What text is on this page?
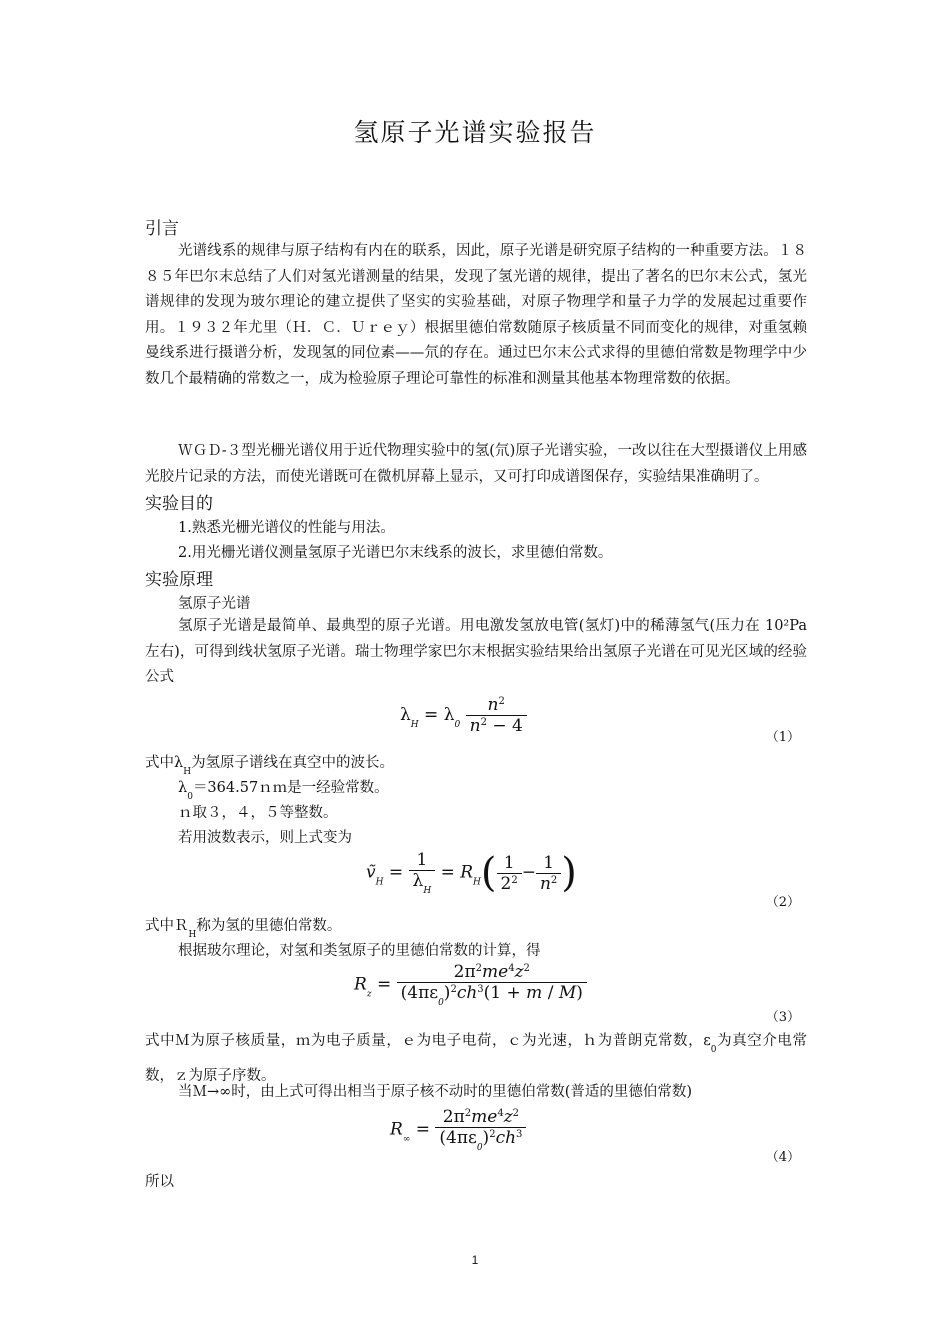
氢原子光谱实验报告
引言
光谱线系的规律与原子结构有内在的联系，因此，原子光谱是研究原子结构的一种重要方法。１８８５年巴尔末总结了人们对氢光谱测量的结果，发现了氢光谱的规律，提出了著名的巴尔末公式，氢光谱规律的发现为玻尔理论的建立提供了坚实的实验基础，对原子物理学和量子力学的发展起过重要作用。１９３２年尤里（Ｈ．Ｃ．Ｕｒｅｙ）根据里德伯常数随原子核质量不同而变化的规律，对重氢赖曼线系进行摄谱分析，发现氢的同位素——氘的存在。通过巴尔末公式求得的里德伯常数是物理学中少数几个最精确的常数之一，成为检验原子理论可靠性的标准和测量其他基本物理常数的依据。
ＷＧＤ-３型光栅光谱仪用于近代物理实验中的氢(氘)原子光谱实验，一改以往在大型摄谱仪上用感光胶片记录的方法，而使光谱既可在微机屏幕上显示，又可打印成谱图保存，实验结果准确明了。
实验目的
1.熟悉光栅光谱仪的性能与用法。
2.用光栅光谱仪测量氢原子光谱巴尔末线系的波长，求里德伯常数。
实验原理
氢原子光谱
氢原子光谱是最简单、最典型的原子光谱。用电激发氢放电管(氢灯)中的稀薄氢气(压力在 10²Pa 左右)，可得到线状氢原子光谱。瑞士物理学家巴尔末根据实验结果给出氢原子光谱在可见光区域的经验公式
$\lambda_H = \lambda_0 \frac{n^2}{n^2 - 4}$
（1）
式中$\lambda_H$为氢原子谱线在真空中的波长。
$\lambda_0=364.57nm$是一经验常数。
ｎ取３，４，５等整数。
若用波数表示，则上式变为
ṽ$_H$ = $\frac{1}{\lambda_H} = R_H( \frac{1}{2^2} - \frac{1}{n^2}$ )
（2）
式中Ｒ$_H$称为氢的里德伯常数。
根据玻尔理论，对氢和类氢原子的里德伯常数的计算，得
$R_z = \frac{2\pi^2me^4z^2}{(4\pi\varepsilon_0)^2ch^3(1 + m / M)}$
（3）
式中Ｍ为原子核质量，ｍ为电子质量，ｅ为电子电荷，ｃ为光速，ｈ为普朗克常数，$\varepsilon_0$为真空介电常数，ｚ为原子序数。
当Ｍ→∞时，由上式可得出相当于原子核不动时的里德伯常数(普适的里德伯常数)
$R_\infty = \frac{2\pi^2me^4z^2}{(4\pi\varepsilon_0)^2ch^3}$
（4）
所以
1
